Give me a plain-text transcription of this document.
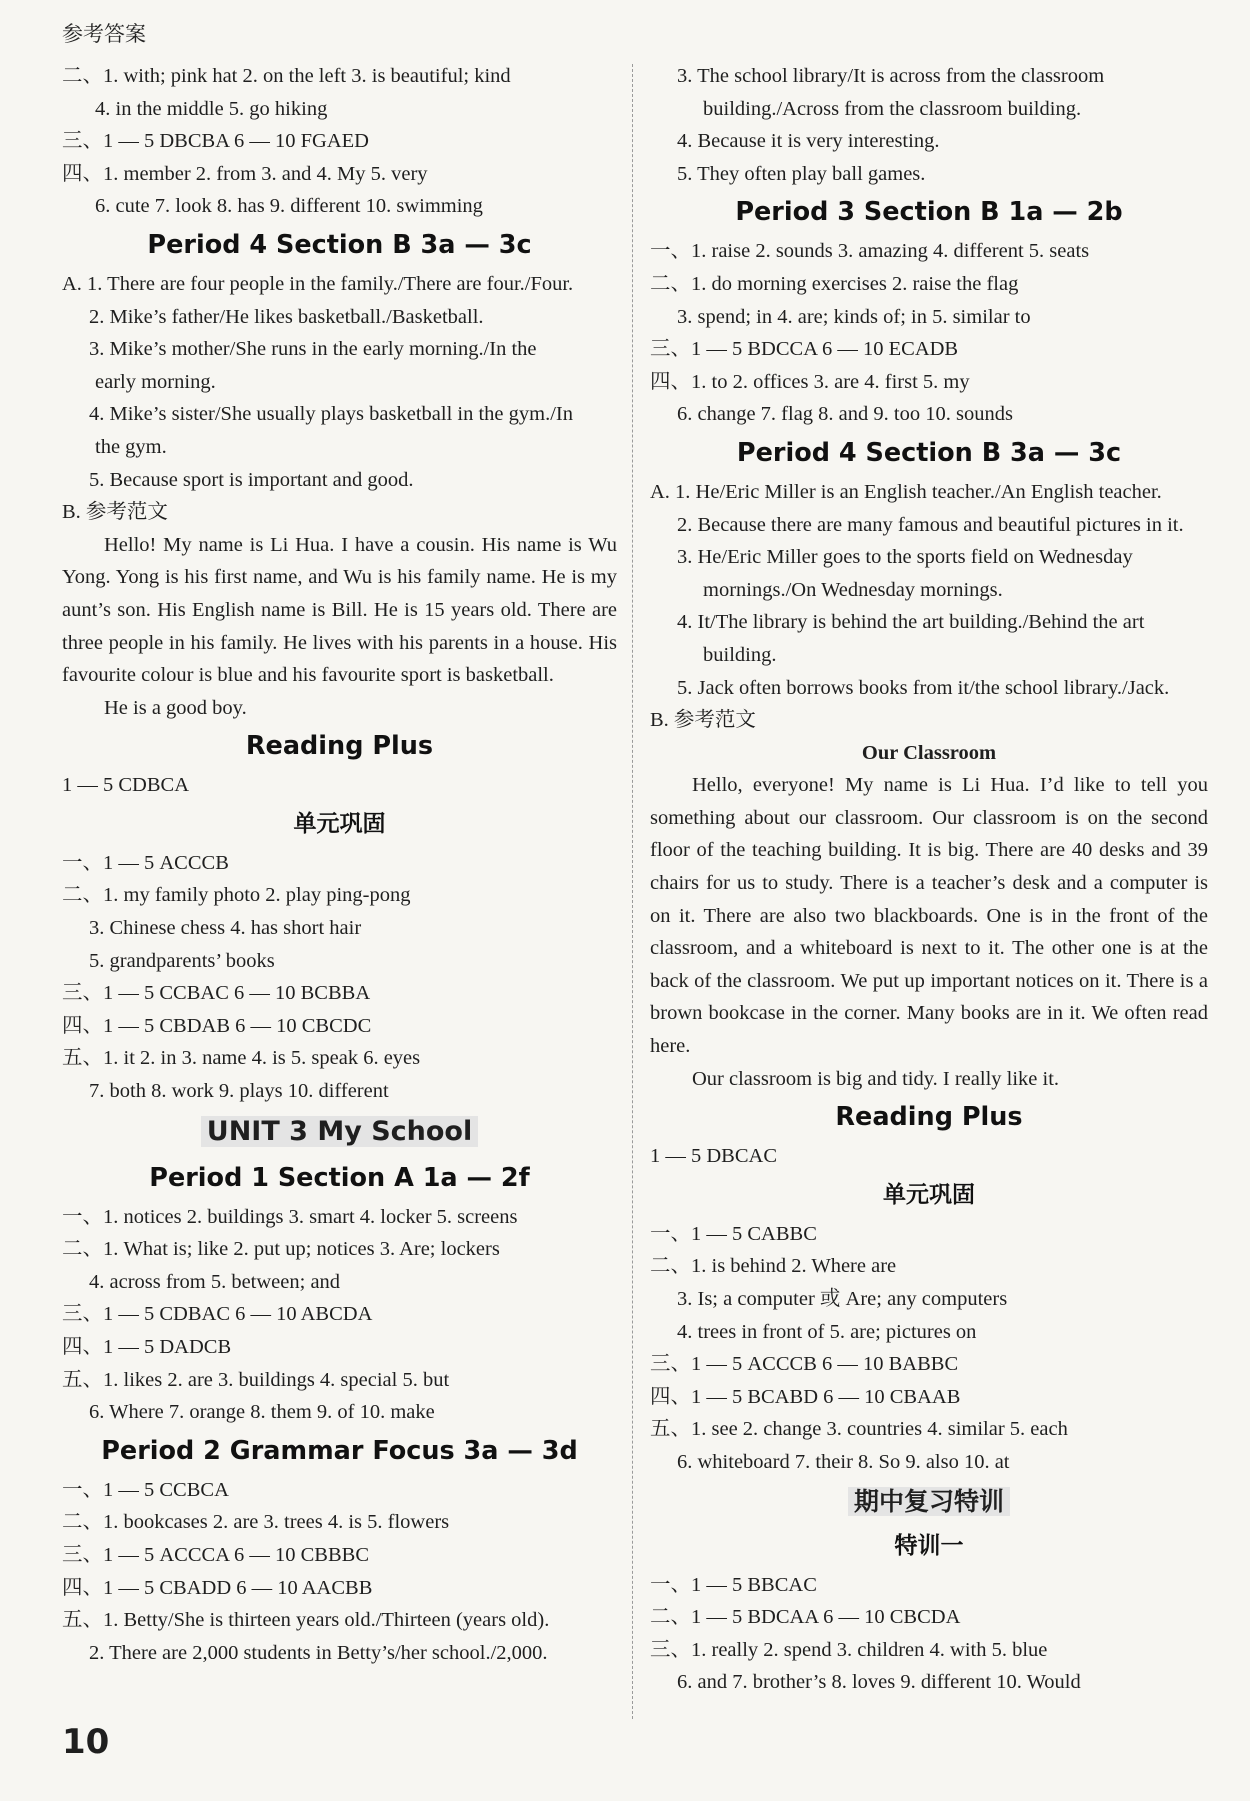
参考答案
二、1. with; pink hat 2. on the left 3. is beautiful; kind
4. in the middle 5. go hiking
三、1 — 5 DBCBA 6 — 10 FGAED
四、1. member 2. from 3. and 4. My 5. very
6. cute 7. look 8. has 9. different 10. swimming
Period 4 Section B 3a — 3c
A. 1. There are four people in the family./There are four./Four.
2. Mike’s father/He likes basketball./Basketball.
3. Mike’s mother/She runs in the early morning./In the
early morning.
4. Mike’s sister/She usually plays basketball in the gym./In
the gym.
5. Because sport is important and good.
B. 参考范文
Hello! My name is Li Hua. I have a cousin. His name is Wu Yong. Yong is his first name, and Wu is his family name. He is my aunt’s son. His English name is Bill. He is 15 years old. There are three people in his family. He lives with his parents in a house. His favourite colour is blue and his favourite sport is basketball.
He is a good boy.
Reading Plus
1 — 5 CDBCA
单元巩固
一、1 — 5 ACCCB
二、1. my family photo 2. play ping-pong
3. Chinese chess 4. has short hair
5. grandparents’ books
三、1 — 5 CCBAC 6 — 10 BCBBA
四、1 — 5 CBDAB 6 — 10 CBCDC
五、1. it 2. in 3. name 4. is 5. speak 6. eyes
7. both 8. work 9. plays 10. different
UNIT 3 My School
Period 1 Section A 1a — 2f
一、1. notices 2. buildings 3. smart 4. locker 5. screens
二、1. What is; like 2. put up; notices 3. Are; lockers
4. across from 5. between; and
三、1 — 5 CDBAC 6 — 10 ABCDA
四、1 — 5 DADCB
五、1. likes 2. are 3. buildings 4. special 5. but
6. Where 7. orange 8. them 9. of 10. make
Period 2 Grammar Focus 3a — 3d
一、1 — 5 CCBCA
二、1. bookcases 2. are 3. trees 4. is 5. flowers
三、1 — 5 ACCCA 6 — 10 CBBBC
四、1 — 5 CBADD 6 — 10 AACBB
五、1. Betty/She is thirteen years old./Thirteen (years old).
2. There are 2,000 students in Betty’s/her school./2,000.
3. The school library/It is across from the classroom
building./Across from the classroom building.
4. Because it is very interesting.
5. They often play ball games.
Period 3 Section B 1a — 2b
一、1. raise 2. sounds 3. amazing 4. different 5. seats
二、1. do morning exercises 2. raise the flag
3. spend; in 4. are; kinds of; in 5. similar to
三、1 — 5 BDCCA 6 — 10 ECADB
四、1. to 2. offices 3. are 4. first 5. my
6. change 7. flag 8. and 9. too 10. sounds
Period 4 Section B 3a — 3c
A. 1. He/Eric Miller is an English teacher./An English teacher.
2. Because there are many famous and beautiful pictures in it.
3. He/Eric Miller goes to the sports field on Wednesday
mornings./On Wednesday mornings.
4. It/The library is behind the art building./Behind the art
building.
5. Jack often borrows books from it/the school library./Jack.
B. 参考范文
Our Classroom
Hello, everyone! My name is Li Hua. I’d like to tell you something about our classroom. Our classroom is on the second floor of the teaching building. It is big. There are 40 desks and 39 chairs for us to study. There is a teacher’s desk and a computer is on it. There are also two blackboards. One is in the front of the classroom, and a whiteboard is next to it. The other one is at the back of the classroom. We put up important notices on it. There is a brown bookcase in the corner. Many books are in it. We often read here.
Our classroom is big and tidy. I really like it.
Reading Plus
1 — 5 DBCAC
单元巩固
一、1 — 5 CABBC
二、1. is behind 2. Where are
3. Is; a computer 或 Are; any computers
4. trees in front of 5. are; pictures on
三、1 — 5 ACCCB 6 — 10 BABBC
四、1 — 5 BCABD 6 — 10 CBAAB
五、1. see 2. change 3. countries 4. similar 5. each
6. whiteboard 7. their 8. So 9. also 10. at
期中复习特训
特训一
一、1 — 5 BBCAC
二、1 — 5 BDCAA 6 — 10 CBCDA
三、1. really 2. spend 3. children 4. with 5. blue
6. and 7. brother’s 8. loves 9. different 10. Would
10
